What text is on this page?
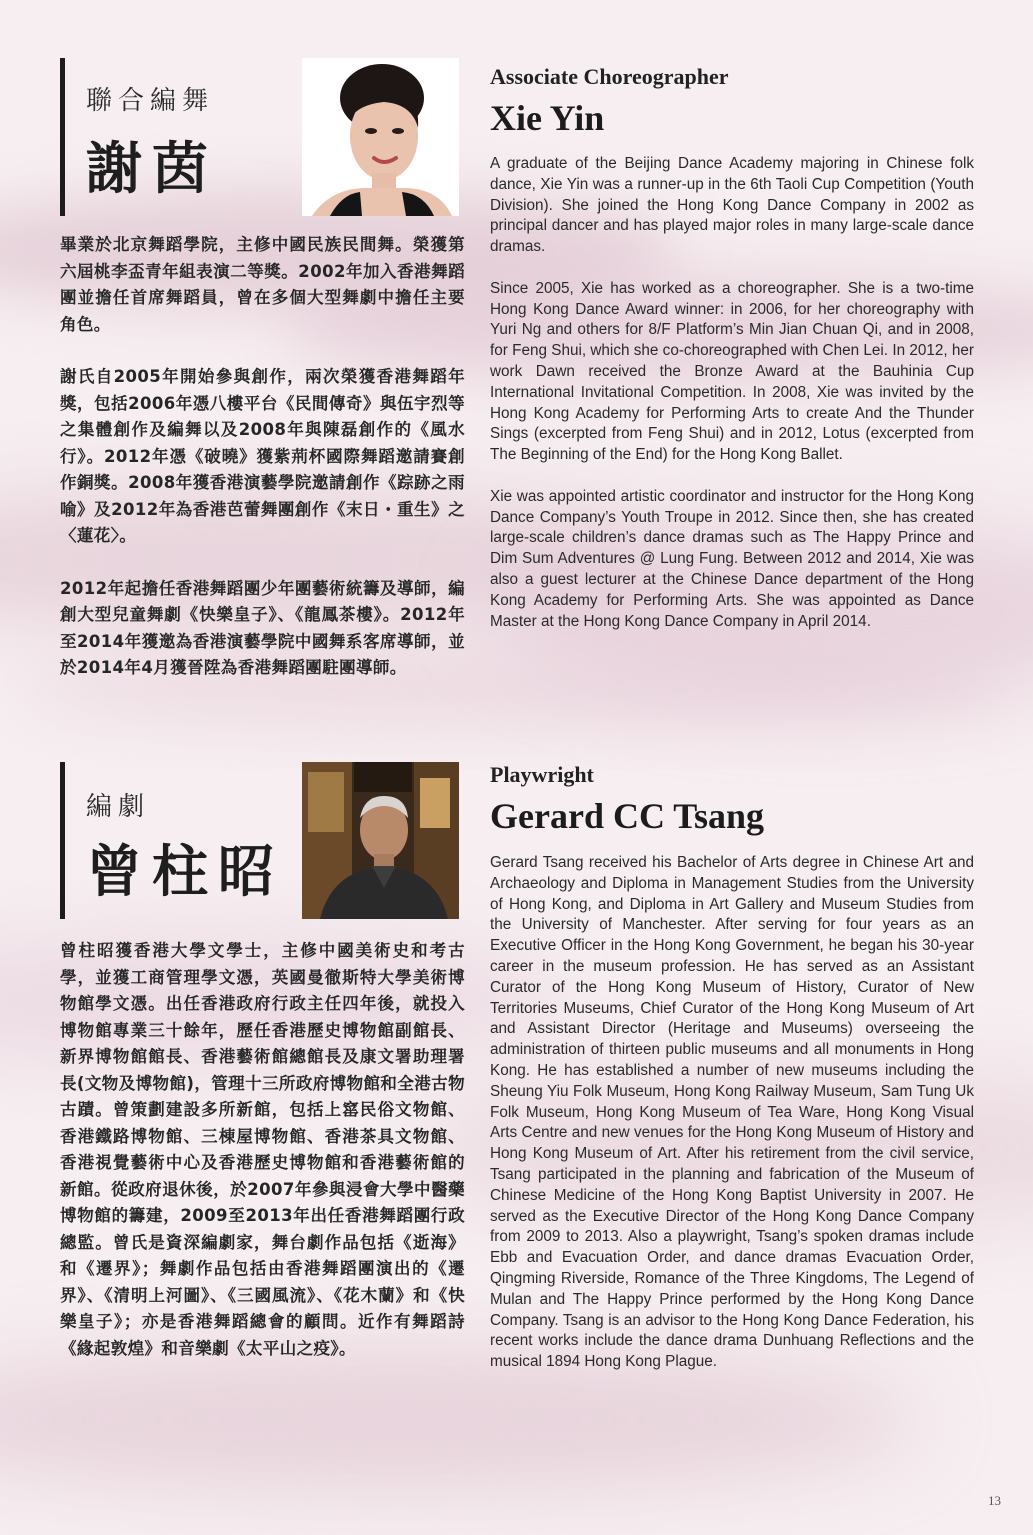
聯合編舞
謝茵

畢業於北京舞蹈學院，主修中國民族民間舞。榮獲第六屆桃李盃青年組表演二等獎。2002年加入香港舞蹈團並擔任首席舞蹈員，曾在多個大型舞劇中擔任主要角色。

謝氏自2005年開始參與創作，兩次榮獲香港舞蹈年獎，包括2006年憑八樓平台《民間傳奇》與伍宇烈等之集體創作及編舞以及2008年與陳磊創作的《風水行》。2012年憑《破曉》獲紫荊杯國際舞蹈邀請賽創作銅獎。2008年獲香港演藝學院邀請創作《踪跡之雨喻》及2012年為香港芭蕾舞團創作《末日・重生》之〈蓮花〉。

2012年起擔任香港舞蹈團少年團藝術統籌及導師，編創大型兒童舞劇《快樂皇子》、《龍鳳茶樓》。2012年至2014年獲邀為香港演藝學院中國舞系客席導師，並於2014年4月獲晉陞為香港舞蹈團駐團導師。

Associate Choreographer
Xie Yin

A graduate of the Beijing Dance Academy majoring in Chinese folk dance, Xie Yin was a runner-up in the 6th Taoli Cup Competition (Youth Division). She joined the Hong Kong Dance Company in 2002 as principal dancer and has played major roles in many large-scale dance dramas.

Since 2005, Xie has worked as a choreographer. She is a two-time Hong Kong Dance Award winner: in 2006, for her choreography with Yuri Ng and others for 8/F Platform’s Min Jian Chuan Qi, and in 2008, for Feng Shui, which she co-choreographed with Chen Lei. In 2012, her work Dawn received the Bronze Award at the Bauhinia Cup International Invitational Competition. In 2008, Xie was invited by the Hong Kong Academy for Performing Arts to create And the Thunder Sings (excerpted from Feng Shui) and in 2012, Lotus (excerpted from The Beginning of the End) for the Hong Kong Ballet.

Xie was appointed artistic coordinator and instructor for the Hong Kong Dance Company’s Youth Troupe in 2012. Since then, she has created large-scale children’s dance dramas such as The Happy Prince and Dim Sum Adventures @ Lung Fung. Between 2012 and 2014, Xie was also a guest lecturer at the Chinese Dance department of the Hong Kong Academy for Performing Arts. She was appointed as Dance Master at the Hong Kong Dance Company in April 2014.

編劇
曾柱昭

曾柱昭獲香港大學文學士，主修中國美術史和考古學，並獲工商管理學文憑，英國曼徹斯特大學美術博物館學文憑。出任香港政府行政主任四年後，就投入博物館專業三十餘年，歷任香港歷史博物館副館長、新界博物館館長、香港藝術館總館長及康文署助理署長(文物及博物館)，管理十三所政府博物館和全港古物古蹟。曾策劃建設多所新館，包括上窰民俗文物館、香港鐵路博物館、三棟屋博物館、香港茶具文物館、香港視覺藝術中心及香港歷史博物館和香港藝術館的新館。從政府退休後，於2007年參與浸會大學中醫藥博物館的籌建，2009至2013年出任香港舞蹈團行政總監。曾氏是資深編劇家，舞台劇作品包括《逝海》和《遷界》；舞劇作品包括由香港舞蹈團演出的《遷界》、《清明上河圖》、《三國風流》、《花木蘭》和《快樂皇子》；亦是香港舞蹈總會的顧問。近作有舞蹈詩《緣起敦煌》和音樂劇《太平山之疫》。

Playwright
Gerard CC Tsang

Gerard Tsang received his Bachelor of Arts degree in Chinese Art and Archaeology and Diploma in Management Studies from the University of Hong Kong, and Diploma in Art Gallery and Museum Studies from the University of Manchester. After serving for four years as an Executive Officer in the Hong Kong Government, he began his 30-year career in the museum profession. He has served as an Assistant Curator of the Hong Kong Museum of History, Curator of New Territories Museums, Chief Curator of the Hong Kong Museum of Art and Assistant Director (Heritage and Museums) overseeing the administration of thirteen public museums and all monuments in Hong Kong. He has established a number of new museums including the Sheung Yiu Folk Museum, Hong Kong Railway Museum, Sam Tung Uk Folk Museum, Hong Kong Museum of Tea Ware, Hong Kong Visual Arts Centre and new venues for the Hong Kong Museum of History and Hong Kong Museum of Art. After his retirement from the civil service, Tsang participated in the planning and fabrication of the Museum of Chinese Medicine of the Hong Kong Baptist University in 2007. He served as the Executive Director of the Hong Kong Dance Company from 2009 to 2013. Also a playwright, Tsang’s spoken dramas include Ebb and Evacuation Order, and dance dramas Evacuation Order, Qingming Riverside, Romance of the Three Kingdoms, The Legend of Mulan and The Happy Prince performed by the Hong Kong Dance Company. Tsang is an advisor to the Hong Kong Dance Federation, his recent works include the dance drama Dunhuang Reflections and the musical 1894 Hong Kong Plague.

13
